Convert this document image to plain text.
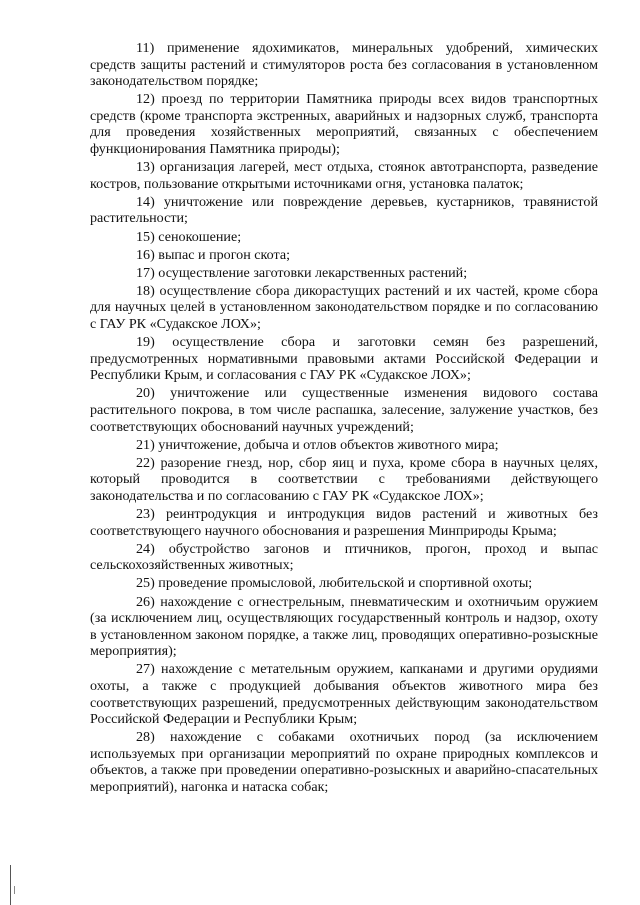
11) применение ядохимикатов, минеральных удобрений, химических средств защиты растений и стимуляторов роста без согласования в установленном законодательством порядке;

12) проезд по территории Памятника природы всех видов транспортных средств (кроме транспорта экстренных, аварийных и надзорных служб, транспорта для проведения хозяйственных мероприятий, связанных с обеспечением функционирования Памятника природы);

13) организация лагерей, мест отдыха, стоянок автотранспорта, разведение костров, пользование открытыми источниками огня, установка палаток;

14) уничтожение или повреждение деревьев, кустарников, травянистой растительности;

15) сенокошение;

16) выпас и прогон скота;

17) осуществление заготовки лекарственных растений;

18) осуществление сбора дикорастущих растений и их частей, кроме сбора для научных целей в установленном законодательством порядке и по согласованию с ГАУ РК «Судакское ЛОХ»;

19) осуществление сбора и заготовки семян без разрешений, предусмотренных нормативными правовыми актами Российской Федерации и Республики Крым, и согласования с ГАУ РК «Судакское ЛОХ»;

20) уничтожение или существенные изменения видового состава растительного покрова, в том числе распашка, залесение, залужение участков, без соответствующих обоснований научных учреждений;

21) уничтожение, добыча и отлов объектов животного мира;

22) разорение гнезд, нор, сбор яиц и пуха, кроме сбора в научных целях, который проводится в соответствии с требованиями действующего законодательства и по согласованию с ГАУ РК «Судакское ЛОХ»;

23) реинтродукция и интродукция видов растений и животных без соответствующего научного обоснования и разрешения Минприроды Крыма;

24) обустройство загонов и птичников, прогон, проход и выпас сельскохозяйственных животных;

25) проведение промысловой, любительской и спортивной охоты;

26) нахождение с огнестрельным, пневматическим и охотничьим оружием (за исключением лиц, осуществляющих государственный контроль и надзор, охоту в установленном законом порядке, а также лиц, проводящих оперативно-розыскные мероприятия);

27) нахождение с метательным оружием, капканами и другими орудиями охоты, а также с продукцией добывания объектов животного мира без соответствующих разрешений, предусмотренных действующим законодательством Российской Федерации и Республики Крым;

28) нахождение с собаками охотничьих пород (за исключением используемых при организации мероприятий по охране природных комплексов и объектов, а также при проведении оперативно-розыскных и аварийно-спасательных мероприятий), нагонка и натаска собак;
